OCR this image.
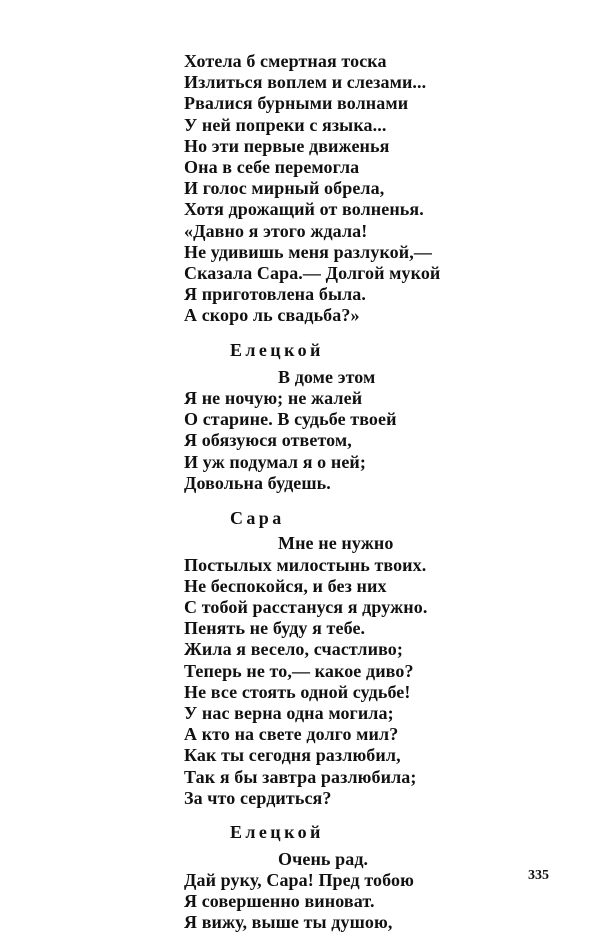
Хотела б смертная тоска
Излиться воплем и слезами...
Рвалися бурными волнами
У ней попреки с языка...
Но эти первые движенья
Она в себе перемогла
И голос мирный обрела,
Хотя дрожащий от волненья.
«Давно я этого ждала!
Не удивишь меня разлукой,—
Сказала Сара.— Долгой мукой
Я приготовлена была.
А скоро ль свадьба?»
Елецкой
В доме этом
Я не ночую; не жалей
О старине. В судьбе твоей
Я обязуюся ответом,
И уж подумал я о ней;
Довольна будешь.
Сара
Мне не нужно
Постылых милостынь твоих.
Не беспокойся, и без них
С тобой расстануся я дружно.
Пенять не буду я тебе.
Жила я весело, счастливо;
Теперь не то,— какое диво?
Не все стоять одной судьбе!
У нас верна одна могила;
А кто на свете долго мил?
Как ты сегодня разлюбил,
Так я бы завтра разлюбила;
За что сердиться?
Елецкой
Очень рад.
Дай руку, Сара! Пред тобою
Я совершенно виноват.
Я вижу, выше ты душою,
335
